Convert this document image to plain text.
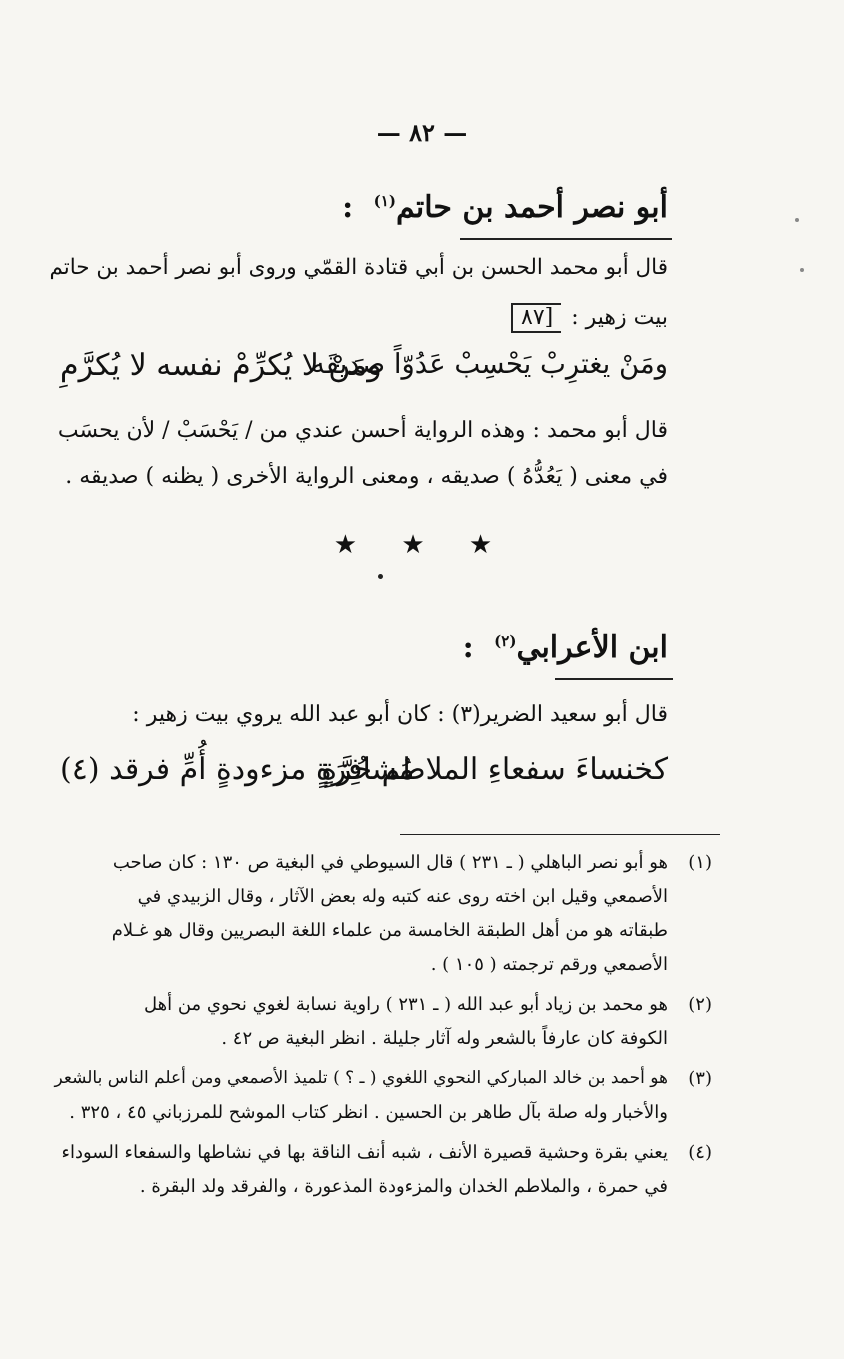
— ٨٢ —
أبو نصر أحمد بن حاتم$^{(١)}$ :
قال أبو محمد الحسن بن أبي قتادة القمّي وروى أبو نصر أحمد بن حاتم
بيت زهير :[٨٧
ومَنْ يغترِبْ يَحْسِبْ عَدُوّاً صديقَه
ومَنْ لا يُكرِّمْ نفسه لا يُكرَّمِ
قال أبو محمد : وهذه الرواية أحسن عندي من / يَحْسَبْ / لأن يحسَب
في معنى ( يَعُدُّهُ ) صديقه ، ومعنى الرواية الأخرى ( يظنه ) صديقه .
★ ★ ★
ابن الأعرابي$^{(٢)}$ :
قال أبو سعيد الضرير(٣) : كان أبو عبد الله يروي بيت زهير :
كخنساءَ سفعاءِ الملاطم حُرَّةٍ
مُشافِرَةٍ مزءودةٍ أُمِّ فرقد (٤)
(١)
هو أبو نصر الباهلي ( ـ ٢٣١ ) قال السيوطي في البغية ص ١٣٠ : كان صاحب
الأصمعي وقيل ابن اخته روى عنه كتبه وله بعض الآثار ، وقال الزبيدي في
طبقاته هو من أهل الطبقة الخامسة من علماء اللغة البصريين وقال هو غـلام
الأصمعي ورقم ترجمته ( ١٠٥ ) .
(٢)
هو محمد بن زياد أبو عبد الله ( ـ ٢٣١ ) راوية نسابة لغوي نحوي من أهل
الكوفة كان عارفاً بالشعر وله آثار جليلة . انظر البغية ص ٤٢ .
(٣)
هو أحمد بن خالد المباركي النحوي اللغوي ( ـ ؟ ) تلميذ الأصمعي ومن أعلم الناس بالشعر
والأخبار وله صلة بآل طاهر بن الحسين . انظر كتاب الموشح للمرزباني ٤٥ ، ٣٢٥ .
(٤)
يعني بقرة وحشية قصيرة الأنف ، شبه أنف الناقة بها في نشاطها والسفعاء السوداء
في حمرة ، والملاطم الخدان والمزءودة المذعورة ، والفرقد ولد البقرة .
